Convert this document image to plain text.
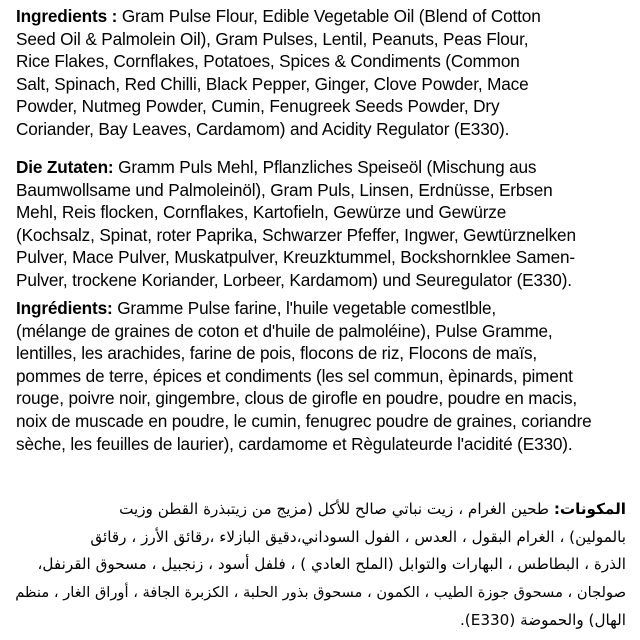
Ingredients : Gram Pulse Flour, Edible Vegetable Oil (Blend of Cotton
Seed Oil & Palmolein Oil), Gram Pulses, Lentil, Peanuts, Peas Flour,
Rice Flakes, Cornflakes, Potatoes, Spices & Condiments (Common
Salt, Spinach, Red Chilli, Black Pepper, Ginger, Clove Powder, Mace
Powder, Nutmeg Powder, Cumin, Fenugreek Seeds Powder, Dry
Coriander, Bay Leaves, Cardamom) and Acidity Regulator (E330).

Die Zutaten: Gramm Puls Mehl, Pflanzliches Speiseöl (Mischung aus
Baumwollsame und Palmoleinöl), Gram Puls, Linsen, Erdnüsse, Erbsen
Mehl, Reis flocken, Cornflakes, Kartofieln, Gewürze und Gewürze
(Kochsalz, Spinat, roter Paprika, Schwarzer Pfeffer, Ingwer, Gewtürznelken
Pulver, Mace Pulver, Muskatpulver, Kreuzktummel, Bockshornklee Samen-
Pulver, trockene Koriander, Lorbeer, Kardamom) und Seuregulator (E330).

Ingrédients: Gramme Pulse farine, l'huile vegetable comestlble,
(mélange de graines de coton et d'huile de palmoléine), Pulse Gramme,
lentilles, les arachides, farine de pois, flocons de riz, Flocons de maïs,
pommes de terre, épices et condiments (les sel commun, èpinards, piment
rouge, poivre noir, gingembre, clous de girofle en poudre, poudre en macis,
noix de muscade en poudre, le cumin, fenugrec poudre de graines, coriandre
sèche, les feuilles de laurier), cardamome et Règulateurde l'acidité (E330).

المكونات: طحين الغرام ، زيت نباتي صالح للأكل (مزيج من زيتبذرة القطن وزيت
بالمولين) ، الغرام البقول ، العدس ، الفول السوداني،دقيق البازلاء ،رقائق الأرز ، رقائق
الذرة ، البطاطس ، البهارات والتوابل (الملح العادي ) ، فلفل أسود ، زنجبيل ، مسحوق القرنفل،
صولجان ، مسحوق جوزة الطيب ، الكمون ، مسحوق بذور الحلبة ، الكزبرة الجافة ، أوراق الغار ، منظم
الهال) والحموضة (E330).
